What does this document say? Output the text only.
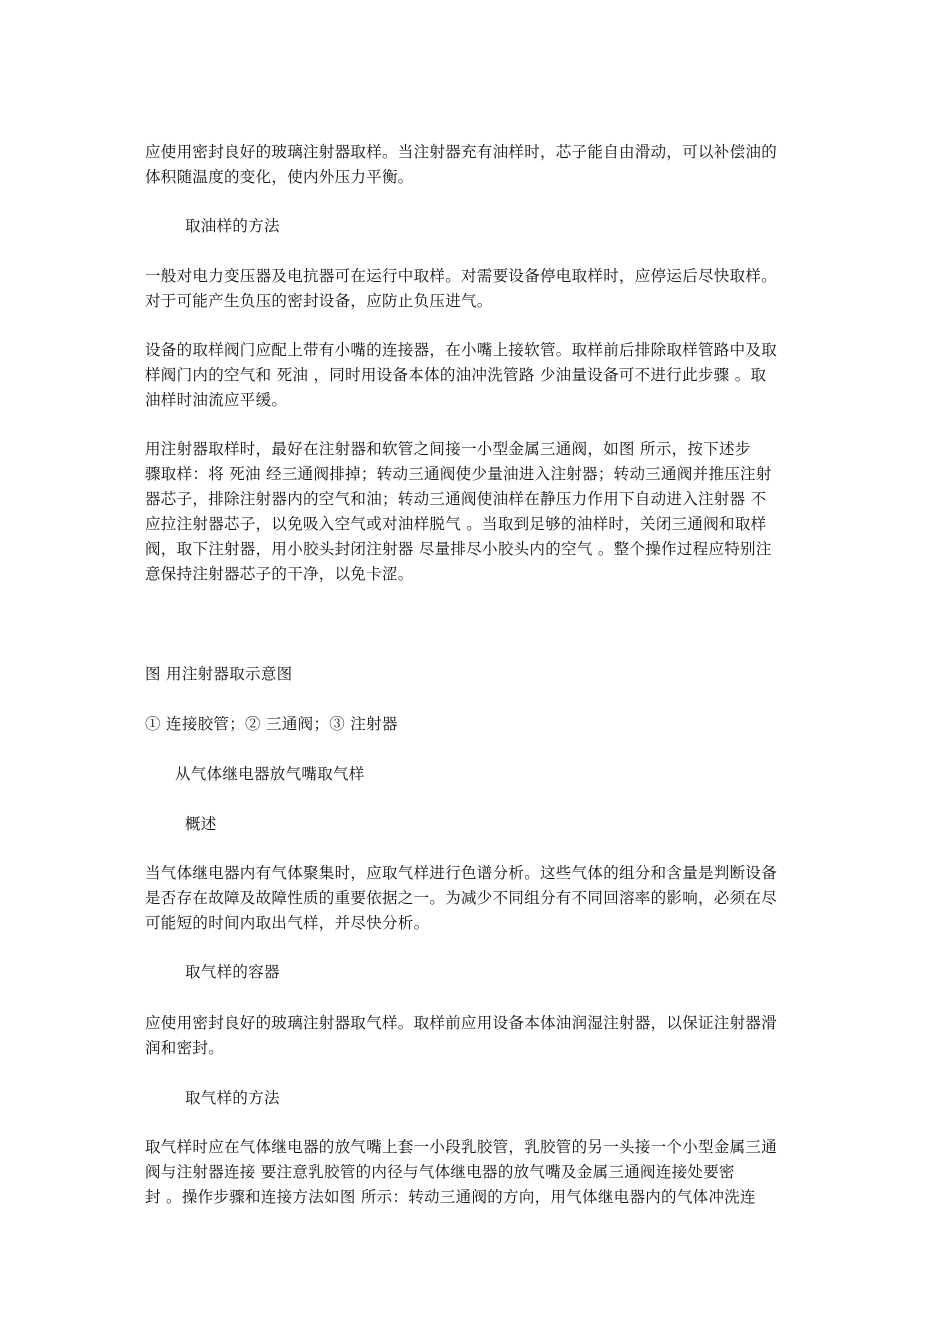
应使用密封良好的玻璃注射器取样。当注射器充有油样时，芯子能自由滑动，可以补偿油的
体积随温度的变化，使内外压力平衡。
取油样的方法
一般对电力变压器及电抗器可在运行中取样。对需要设备停电取样时，应停运后尽快取样。
对于可能产生负压的密封设备，应防止负压进气。
设备的取样阀门应配上带有小嘴的连接器，在小嘴上接软管。取样前后排除取样管路中及取
样阀门内的空气和 死油 ，同时用设备本体的油冲洗管路 少油量设备可不进行此步骤 。取
油样时油流应平缓。
用注射器取样时，最好在注射器和软管之间接一小型金属三通阀，如图 所示，按下述步
骤取样：将 死油 经三通阀排掉；转动三通阀使少量油进入注射器；转动三通阀并推压注射
器芯子，排除注射器内的空气和油；转动三通阀使油样在静压力作用下自动进入注射器 不
应拉注射器芯子，以免吸入空气或对油样脱气 。当取到足够的油样时，关闭三通阀和取样
阀，取下注射器，用小胶头封闭注射器 尽量排尽小胶头内的空气 。整个操作过程应特别注
意保持注射器芯子的干净，以免卡涩。
图 用注射器取示意图
① 连接胶管；② 三通阀；③ 注射器
从气体继电器放气嘴取气样
概述
当气体继电器内有气体聚集时，应取气样进行色谱分析。这些气体的组分和含量是判断设备
是否存在故障及故障性质的重要依据之一。为减少不同组分有不同回溶率的影响，必须在尽
可能短的时间内取出气样，并尽快分析。
取气样的容器
应使用密封良好的玻璃注射器取气样。取样前应用设备本体油润湿注射器，以保证注射器滑
润和密封。
取气样的方法
取气样时应在气体继电器的放气嘴上套一小段乳胶管，乳胶管的另一头接一个小型金属三通
阀与注射器连接 要注意乳胶管的内径与气体继电器的放气嘴及金属三通阀连接处要密
封 。操作步骤和连接方法如图 所示：转动三通阀的方向，用气体继电器内的气体冲洗连
